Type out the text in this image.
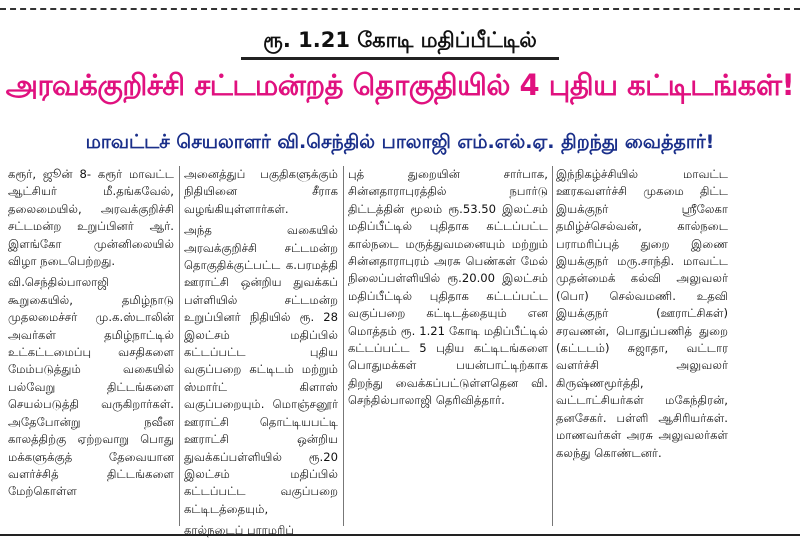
ரூ. 1.21 கோடி மதிப்பீட்டில்
அரவக்குறிச்சி சட்டமன்றத் தொகுதியில் 4 புதிய கட்டிடங்கள்!
மாவட்டச் செயலாளர் வி.செந்தில் பாலாஜி எம்.எல்.ஏ. திறந்து வைத்தார்!

கரூர், ஜூன் 8- கரூர் மாவட்ட ஆட்சியர் மீ.தங்கவேல், தலைமையில், அரவக்குறிச்சி சட்டமன்ற உறுப்பினர் ஆர். இளங்கோ முன்னிலையில் விழா நடைபெற்றது.

வி.செந்தில்பாலாஜி கூறுகையில், தமிழ்நாடு முதலமைச்சர் மு.க.ஸ்டாலின் அவர்கள் தமிழ்நாட்டில் உட்கட்டமைப்பு வசதிகளை மேம்படுத்தும் வகையில் பல்வேறு திட்டங்களை செயல்படுத்தி வருகிறார்கள். அதேபோன்று நவீன காலத்திற்கு ஏற்றவாறு பொது மக்களுக்குத் தேவையான வளர்ச்சித் திட்டங்களை மேற்கொள்ள

அனைத்துப் பகுதிகளுக்கும் நிதியினை சீராக வழங்கியுள்ளார்கள்.

அந்த வகையில் அரவக்குறிச்சி சட்டமன்ற தொகுதிக்குட்பட்ட க.பரமத்தி ஊராட்சி ஒன்றிய துவக்கப் பள்ளியில் சட்டமன்ற உறுப்பினர் நிதியில் ரூ. 28 இலட்சம் மதிப்பில் கட்டப்பட்ட புதிய வகுப்பறை கட்டிடம் மற்றும் ஸ்மார்ட் கிளாஸ் வகுப்பறையும். மொஞ்சனூர் ஊராட்சி தொட்டியபட்டி ஊராட்சி ஒன்றிய துவக்கப்பள்ளியில் ரூ.20 இலட்சம் மதிப்பில் கட்டப்பட்ட வகுப்பறை கட்டிடத்தையும்,

கால்நடைப் பராமரிப்

புத் துறையின் சார்பாக, சின்னதாராபுரத்தில் நபார்டு திட்டத்தின் மூலம் ரூ.53.50 இலட்சம் மதிப்பீட்டில் புதிதாக கட்டப்பட்ட கால்நடை மருத்துவமனையும் மற்றும் சின்னதாராபுரம் அரசு பெண்கள் மேல் நிலைப்பள்ளியில் ரூ.20.00 இலட்சம் மதிப்பீட்டில் புதிதாக கட்டப்பட்ட வகுப்பறை கட்டிடத்தையும் என மொத்தம் ரூ. 1.21 கோடி மதிப்பீட்டில் கட்டப்பட்ட 5 புதிய கட்டிடங்களை பொதுமக்கள் பயன்பாட்டிற்காக திறந்து வைக்கப்பட்டுள்ளதென வி. செந்தில்பாலாஜி தெரிவித்தார்.

இந்நிகழ்ச்சியில் மாவட்ட ஊரகவளர்ச்சி முகமை திட்ட இயக்குநர் ஸ்ரீலேகா தமிழ்ச்செல்வன், கால்நடை பராமரிப்புத் துறை இணை இயக்குநர் மரு.சாந்தி. மாவட்ட முதன்மைக் கல்வி அலுவலர் (பொ) செல்வமணி. உதவி இயக்குநர் (ஊராட்சிகள்) சரவணன், பொதுப்பணித் துறை (கட்டடம்) சுஜாதா, வட்டார வளர்ச்சி அலுவலர் கிருஷ்ணமூர்த்தி, வட்டாட்சியர்கள் மகேந்திரன், தனசேகர். பள்ளி ஆசிரியர்கள். மாணவர்கள் அரசு அலுவலர்கள் கலந்து கொண்டனர்.
